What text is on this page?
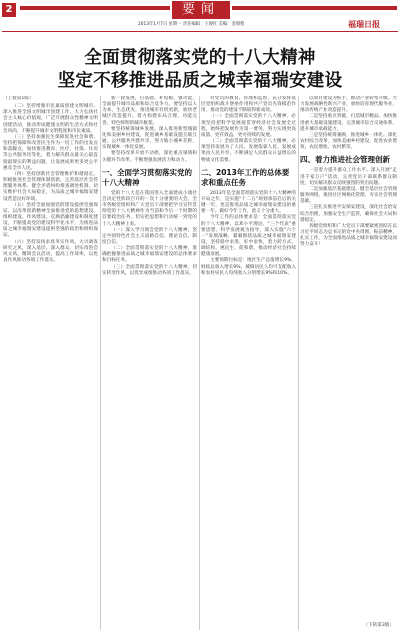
2	要闻
2013年1月7日 星期一 责任编辑：王俊红 美编：金锦程	福瑞日报
全面贯彻落实党的十八大精神
坚定不移推进品质之城幸福瑞安建设
（上接第1版）

（二）坚持增强市民素质创建文明城市。深入推进全国文明城市创建工作，大力弘扬社会主义核心价值观，广泛开展群众性精神文明创建活动，推动形成健康文明的生活方式和社会风尚，不断提升城市文明程度和市民素质。

（三）坚持加强民生保障促进社会和谐。坚持把保障和改善民生作为一切工作的出发点和落脚点，加快推进教育、医疗、社保、住房等公共服务均等化，着力解决群众最关心最直接最现实的利益问题，让发展成果更多更公平惠及全市人民。

（四）坚持创新社会管理维护和谐稳定。积极推进社会管理体制创新，完善基层社会管理服务体系，健全矛盾纠纷排查调处机制，切实维护社会大局稳定，为品质之城幸福瑞安建设营造良好环境。

（五）坚持全面加强党的建设提供坚强保证。以改革创新精神全面推进党的思想建设、组织建设、作风建设、反腐倡廉建设和制度建设，不断提高党的建设科学化水平，为推进品质之城幸福瑞安建设提供坚强的政治和组织保证。

（六）坚持发扬求真务实作风。大兴调查研究之风，深入基层、深入群众，切实改进会风文风，精简会议活动，提高工作效率，以优良作风推动各项工作落实。

新一轮发展，打基础、补短板、强功能，全面提升城市品质和综合竞争力。要坚持以人为本、生态优先，推进城市有机更新，加快老城区改造提升，着力构建布局合理、功能完善、特色鲜明的城市框架。

要坚持统筹城乡发展，深入推进新型城镇化和美丽乡村建设，促进城乡基础设施互联互通、公共服务共建共享，努力缩小城乡差距，实现城乡一体化发展。

要坚持改革开放不动摇，深化重点领域和关键环节改革，不断增强发展活力和动力。

一、全面学习贯彻落实党的十八大精神

党的十八大是在我国进入全面建成小康社会决定性阶段召开的一次十分重要的大会。全市各级党组织和广大党员干部要把学习宣传贯彻党的十八大精神作为当前和今后一个时期的首要政治任务，切实把思想和行动统一到党的十八大精神上来。

（一）深入学习领会党的十八大精神，坚定中国特色社会主义道路自信、理论自信、制度自信。

（二）全面贯彻落实党的十八大精神，准确把握推进品质之城幸福瑞安建设的总体要求和目标任务。

（三）全面贯彻落实党的十八大精神，切实转变作风，以优异成绩推动各项工作落实。

对党员的教育、管理和监督，充分发挥基层党组织战斗堡垒作用和共产党员先锋模范作用，推动党的建设不断取得新成效。

（一）全面贯彻落实党的十八大精神，必须坚持把科学发展观贯穿经济社会发展全过程，始终把发展作为第一要务，努力实现更高质量、更有效益、更可持续的发展。

（二）全面贯彻落实党的十八大精神，必须坚持发展为了人民、发展依靠人民、发展成果由人民共享，不断满足人民群众日益增长的物质文化需要。

二、2013年工作的总体要求和重点任务

2013年是全面贯彻落实党的十八大精神的开局之年，是实施“十二五”规划承前启后的关键一年，也是推进品质之城幸福瑞安建设的重要一年。做好今年工作，意义十分重大。

今年工作的总体要求是：全面贯彻落实党的十八大精神，以邓小平理论、“三个代表”重要思想、科学发展观为指导，深入实施“六个一”发展战略，紧紧围绕品质之城幸福瑞安建设，坚持稳中求进、好中求快，着力转方式、调结构、惠民生、促和谐，推动经济社会持续健康发展。

主要预期目标是：地区生产总值增长9%，财政总收入增长9%，城镇居民人均可支配收入和农村居民人均纯收入分别增长9%和10%。

以项目建设为抓手，推动产业转型升级。大力发展战略性新兴产业，加快培育现代服务业，推动传统产业改造提升。

二是坚持重点突破，打造城市精品。加快推进重大基础设施建设，完善城市综合交通体系，提升城市承载能力。

三是坚持统筹兼顾，推进城乡一体化。深化农村综合改革，加快美丽乡村建设，促进农业增效、农民增收、农村繁荣。

四、着力推进社会管理创新

一是着力提升群众工作水平。深入开展“走进千家万户”活动，完善党员干部联系群众制度，切实解决群众反映强烈的突出问题。

二是加强基层基础建设。健全基层社会管理服务网络，推进社区网格化管理，夯实社会管理基础。

三是扎实推进平安瑞安建设，深化社会治安综合治理，加强安全生产监管，确保社会大局和谐稳定。

各级党组织和广大党员干部要紧密团结在以习近平同志为总书记的党中央周围，振奋精神、扎实工作，为全面推进品质之城幸福瑞安建设而努力奋斗！

（下转第3版）
